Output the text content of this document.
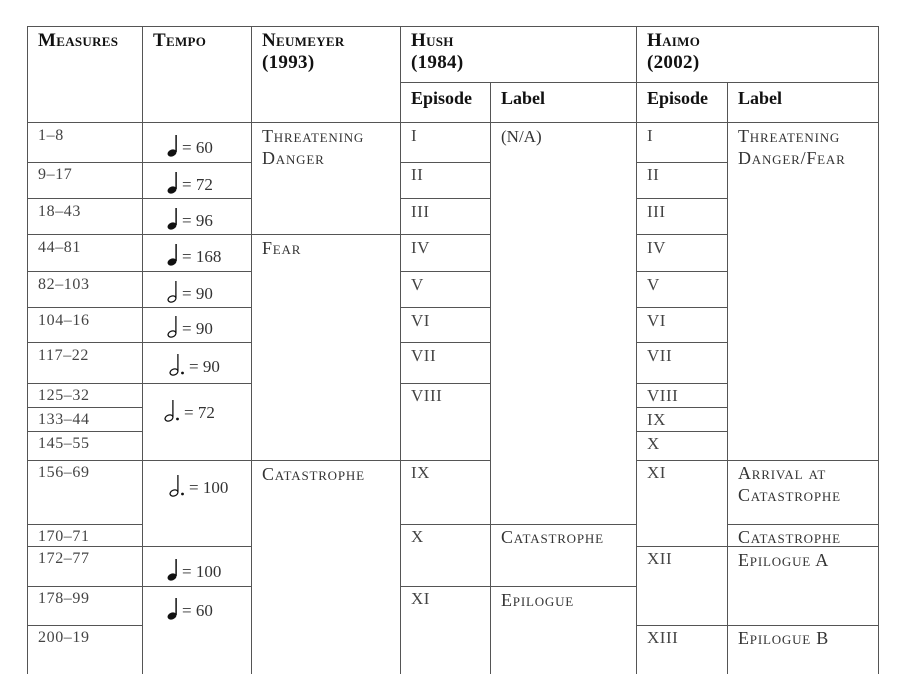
Measures Tempo	Neumeyer
(1993)
Hush
(1984)
Haimo
(2002)
Episode Label	Episode Label
1–8
9–17
18–43
44–81
82–103
104–16
117–22
125–32
133–44
145–55
156–69
170–71
172–77
178–99
200–19
= 60
= 72
= 96
= 168
= 90
= 90
= 90
= 72
= 100
= 100
= 60
Threatening Danger
Fear
Catastrophe
I
II
III
IV
V
VI
VII
VIII
IX
X
XI
(N/A)
Catastrophe
Epilogue
I
II
III
IV
V
VI
VII
VIII
IX
X
XI
XII
XIII
Threatening Danger/Fear
Arrival at Catastrophe
Catastrophe
Epilogue A
Epilogue B
